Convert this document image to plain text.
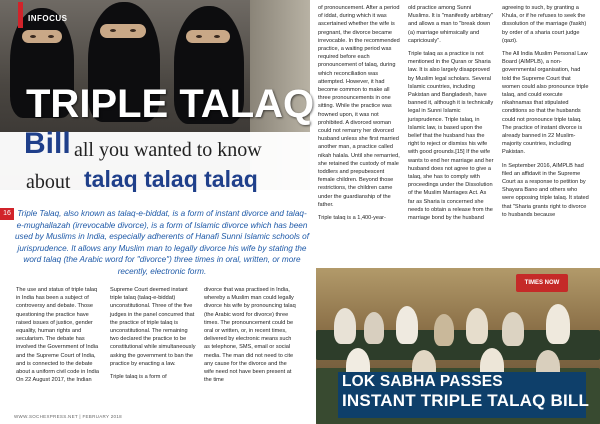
INFOCUS
TRIPLE TALAQ
Bill all you wanted to know
about talaq talaq talaq
16 Triple Talaq, also known as talaq-e-biddat, is a form of instant divorce and talaq-e-mughallazah (irrevocable divorce), is a form of Islamic divorce which has been used by Muslims in India, especially adherents of Hanafi Sunni Islamic schools of jurisprudence. It allows any Muslim man to legally divorce his wife by stating the word talaq (the Arabic word for "divorce") three times in oral, written, or more recently, electronic form.

The use and status of triple talaq in India has been a subject of controversy and debate. Those questioning the practice have raised issues of justice, gender equality, human rights and secularism. The debate has involved the Government of India and the Supreme Court of India, and is connected to the debate about a uniform civil code in India On 22 August 2017, the Indian

Supreme Court deemed instant triple talaq (talaq-e-biddat) unconstitutional. Three of the five judges in the panel concurred that the practice of triple talaq is unconstitutional. The remaining two declared the practice to be constitutional while simultaneously asking the government to ban the practice by enacting a law.

Triple talaq is a form of

divorce that was practised in India, whereby a Muslim man could legally divorce his wife by pronouncing talaq (the Arabic word for divorce) three times. The pronouncement could be oral or written, or, in recent times, delivered by electronic means such as telephone, SMS, email or social media. The man did not need to cite any cause for the divorce and the wife need not have been present at the time

WWW.SOCHEXPRESS.NET | FEBRUARY 2018

of pronouncement. After a period of iddat, during which it was ascertained whether the wife is pregnant, the divorce became irrevocable. In the recommended practice, a waiting period was required before each pronouncement of talaq, during which reconciliation was attempted. However, it had become common to make all three pronouncements in one sitting. While the practice was frowned upon, it was not prohibited. A divorced woman could not remarry her divorced husband unless she first married another man, a practice called nikah halala. Until she remarried, she retained the custody of male toddlers and prepubescent female children. Beyond those restrictions, the children came under the guardianship of the father.

Triple talaq is a 1,400-year-

old practice among Sunni Muslims. It is "manifestly arbitrary" and allows a man to "break down (a) marriage whimsically and capriciously".

Triple talaq as a practice is not mentioned in the Quran or Sharia law. It is also largely disapproved by Muslim legal scholars. Several Islamic countries, including Pakistan and Bangladesh, have banned it, although it is technically legal in Sunni Islamic jurisprudence. Triple talaq, in Islamic law, is based upon the belief that the husband has the right to reject or dismiss his wife with good grounds.[15] If the wife wants to end her marriage and her husband does not agree to give a talaq, she has to comply with proceedings under the Dissolution of the Muslim Marriages Act. As far as Sharia is concerned she needs to obtain a release from the marriage bond by the husband

agreeing to such, by granting a Khula, or if he refuses to seek the dissolution of the marriage (faskh) by order of a sharia court judge (qazi).

The All India Muslim Personal Law Board (AIMPLB), a non-governmental organisation, had told the Supreme Court that women could also pronounce triple talaq, and could execute nikahnamas that stipulated conditions so that the husbands could not pronounce triple talaq. The practice of instant divorce is already banned in 22 Muslim-majority countries, including Pakistan.

In September 2016, AIMPLB had filed an affidavit in the Supreme Court as a response to petition by Shayara Bano and others who were opposing triple talaq. It stated that "Sharia grants right to divorce to husbands because

TIMES NOW
LOK SABHA PASSES
INSTANT TRIPLE TALAQ BILL
